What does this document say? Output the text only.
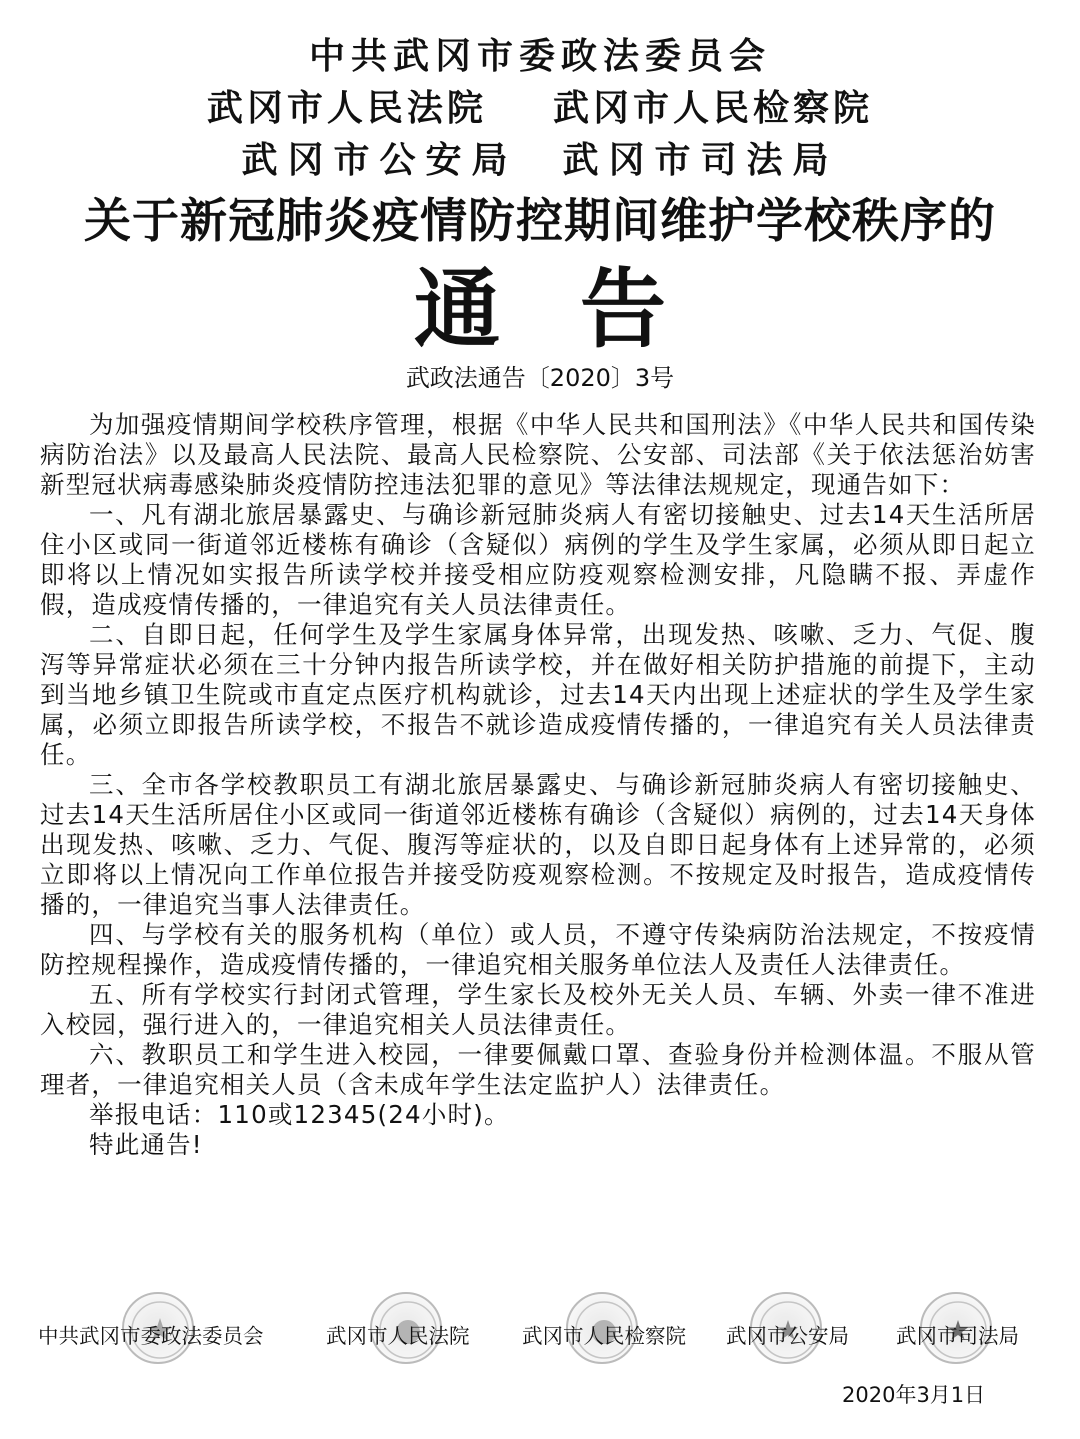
中共武冈市委政法委员会
武冈市人民法院    武冈市人民检察院
武冈市公安局  武冈市司法局
关于新冠肺炎疫情防控期间维护学校秩序的
通告
武政法通告〔2020〕3号

为加强疫情期间学校秩序管理，根据《中华人民共和国刑法》《中华人民共和国传染病防治法》以及最高人民法院、最高人民检察院、公安部、司法部《关于依法惩治妨害新型冠状病毒感染肺炎疫情防控违法犯罪的意见》等法律法规规定，现通告如下：

一、凡有湖北旅居暴露史、与确诊新冠肺炎病人有密切接触史、过去14天生活所居住小区或同一街道邻近楼栋有确诊（含疑似）病例的学生及学生家属，必须从即日起立即将以上情况如实报告所读学校并接受相应防疫观察检测安排，凡隐瞒不报、弄虚作假，造成疫情传播的，一律追究有关人员法律责任。

二、自即日起，任何学生及学生家属身体异常，出现发热、咳嗽、乏力、气促、腹泻等异常症状必须在三十分钟内报告所读学校，并在做好相关防护措施的前提下，主动到当地乡镇卫生院或市直定点医疗机构就诊，过去14天内出现上述症状的学生及学生家属，必须立即报告所读学校，不报告不就诊造成疫情传播的，一律追究有关人员法律责任。

三、全市各学校教职员工有湖北旅居暴露史、与确诊新冠肺炎病人有密切接触史、过去14天生活所居住小区或同一街道邻近楼栋有确诊（含疑似）病例的，过去14天身体出现发热、咳嗽、乏力、气促、腹泻等症状的，以及自即日起身体有上述异常的，必须立即将以上情况向工作单位报告并接受防疫观察检测。不按规定及时报告，造成疫情传播的，一律追究当事人法律责任。

四、与学校有关的服务机构（单位）或人员，不遵守传染病防治法规定，不按疫情防控规程操作，造成疫情传播的，一律追究相关服务单位法人及责任人法律责任。

五、所有学校实行封闭式管理，学生家长及校外无关人员、车辆、外卖一律不准进入校园，强行进入的，一律追究相关人员法律责任。

六、教职员工和学生进入校园，一律要佩戴口罩、查验身份并检测体温。不服从管理者，一律追究相关人员（含未成年学生法定监护人）法律责任。

举报电话：110或12345(24小时)。

特此通告!

中共武冈市委政法委员会	武冈市人民法院	武冈市人民检察院 武冈市公安局 武冈市司法局
2020年3月1日
